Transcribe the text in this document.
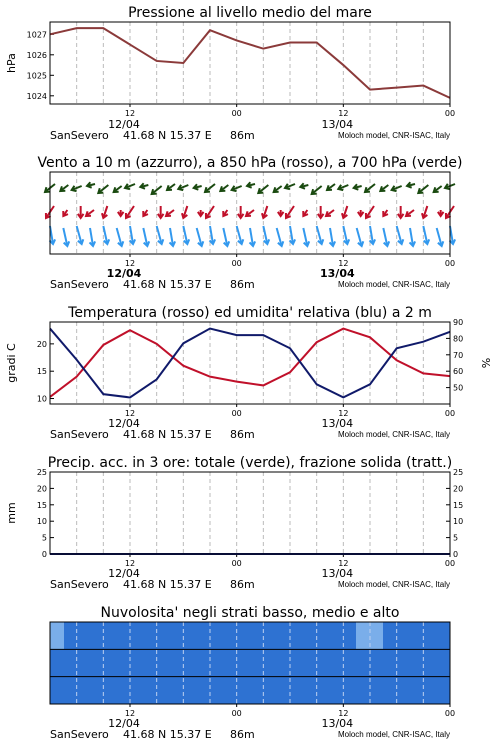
Pressione al livello medio del mare
12	00	12	00
12/04	13/04
SanSevero 41.68 N 15.37 E 86m	Moloch model, CNR-ISAC, Italy
1024
1025
1026
1027
hPa
Vento a 10 m (azzurro), a 850 hPa (rosso), a 700 hPa (verde)
12	00	12	00
12/04	13/04
SanSevero 41.68 N 15.37 E 86m	Moloch model, CNR-ISAC, Italy
Temperatura (rosso) ed umidita' relativa (blu) a 2 m
12	00	12	00
12/04	13/04
SanSevero 41.68 N 15.37 E 86m	Moloch model, CNR-ISAC, Italy
10
15
20
gradi C
50
60
70
80
90
%
Precip. acc. in 3 ore: totale (verde), frazione solida (tratt.)
12	00	12	00
12/04	13/04
SanSevero 41.68 N 15.37 E 86m	Moloch model, CNR-ISAC, Italy
0
5
10
15
20
25
mm
0
5
10
15
20
25
Nuvolosita' negli strati basso, medio e alto
12	00	12	00
12/04	13/04
SanSevero 41.68 N 15.37 E 86m	Moloch model, CNR-ISAC, Italy
